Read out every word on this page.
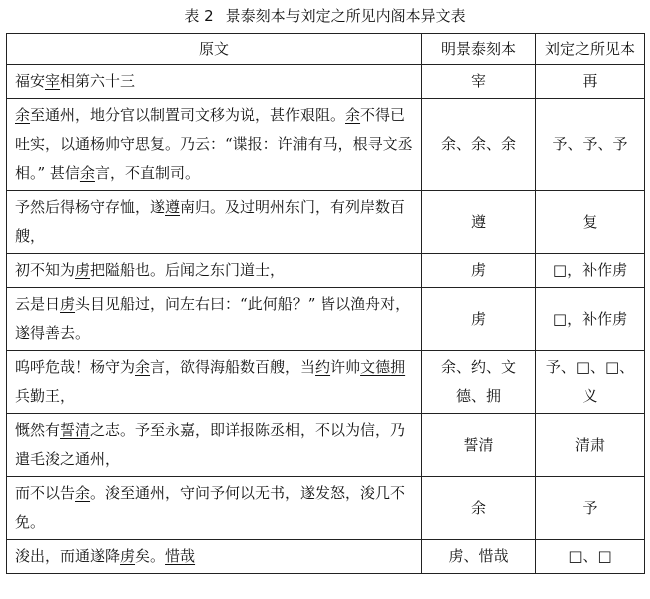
表 2 景泰刻本与刘定之所见内阁本异文表
原文	明景泰刻本	刘定之所见本
福安宰相第六十三	宰	再
余至通州，地分官以制置司文移为说，甚作艰阻。余不得已吐实，以通杨帅守思复。乃云：“谍报：许浦有马，根寻文丞相。” 甚信余言，不直制司。	余、余、余	予、予、予
予然后得杨守存恤，遂遵南归。及过明州东门，有列岸数百艘，	遵	复
初不知为虏把隘船也。后闻之东门道士，	虏	□，补作虏
云是日虏头目见船过，问左右曰：“此何船？” 皆以渔舟对，遂得善去。	虏	□，补作虏
呜呼危哉！杨守为余言，欲得海船数百艘，当约许帅文德拥兵勤王，	余、约、文德、拥	予、□、□、义
慨然有誓清之志。予至永嘉，即详报陈丞相，不以为信，乃遣毛浚之通州，	誓清	清肃
而不以告余。浚至通州，守问予何以无书，遂发怒，浚几不免。	余	予
浚出，而通遂降虏矣。惜哉	虏、惜哉	□、□
